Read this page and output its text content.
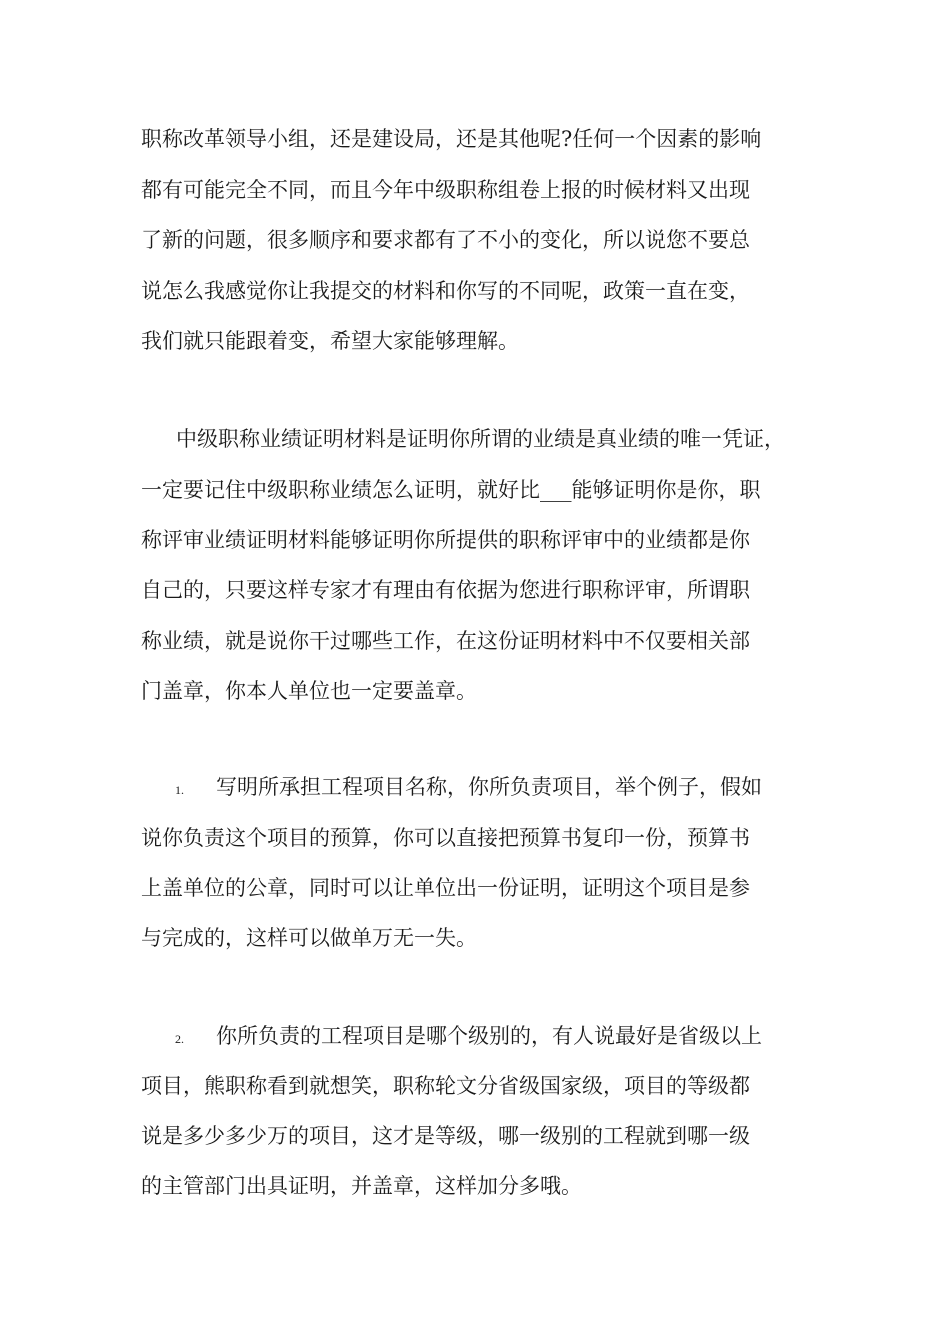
职称改革领导小组，还是建设局，还是其他呢?任何一个因素的影响
都有可能完全不同，而且今年中级职称组卷上报的时候材料又出现
了新的问题，很多顺序和要求都有了不小的变化，所以说您不要总
说怎么我感觉你让我提交的材料和你写的不同呢，政策一直在变，
我们就只能跟着变，希望大家能够理解。
中级职称业绩证明材料是证明你所谓的业绩是真业绩的唯一凭证，
一定要记住中级职称业绩怎么证明，就好比___能够证明你是你，职
称评审业绩证明材料能够证明你所提供的职称评审中的业绩都是你
自己的，只要这样专家才有理由有依据为您进行职称评审，所谓职
称业绩，就是说你干过哪些工作，在这份证明材料中不仅要相关部
门盖章，你本人单位也一定要盖章。
1. 写明所承担工程项目名称，你所负责项目，举个例子，假如
说你负责这个项目的预算，你可以直接把预算书复印一份，预算书
上盖单位的公章，同时可以让单位出一份证明，证明这个项目是参
与完成的，这样可以做单万无一失。
2. 你所负责的工程项目是哪个级别的，有人说最好是省级以上
项目，熊职称看到就想笑，职称轮文分省级国家级，项目的等级都
说是多少多少万的项目，这才是等级，哪一级别的工程就到哪一级
的主管部门出具证明，并盖章，这样加分多哦。
